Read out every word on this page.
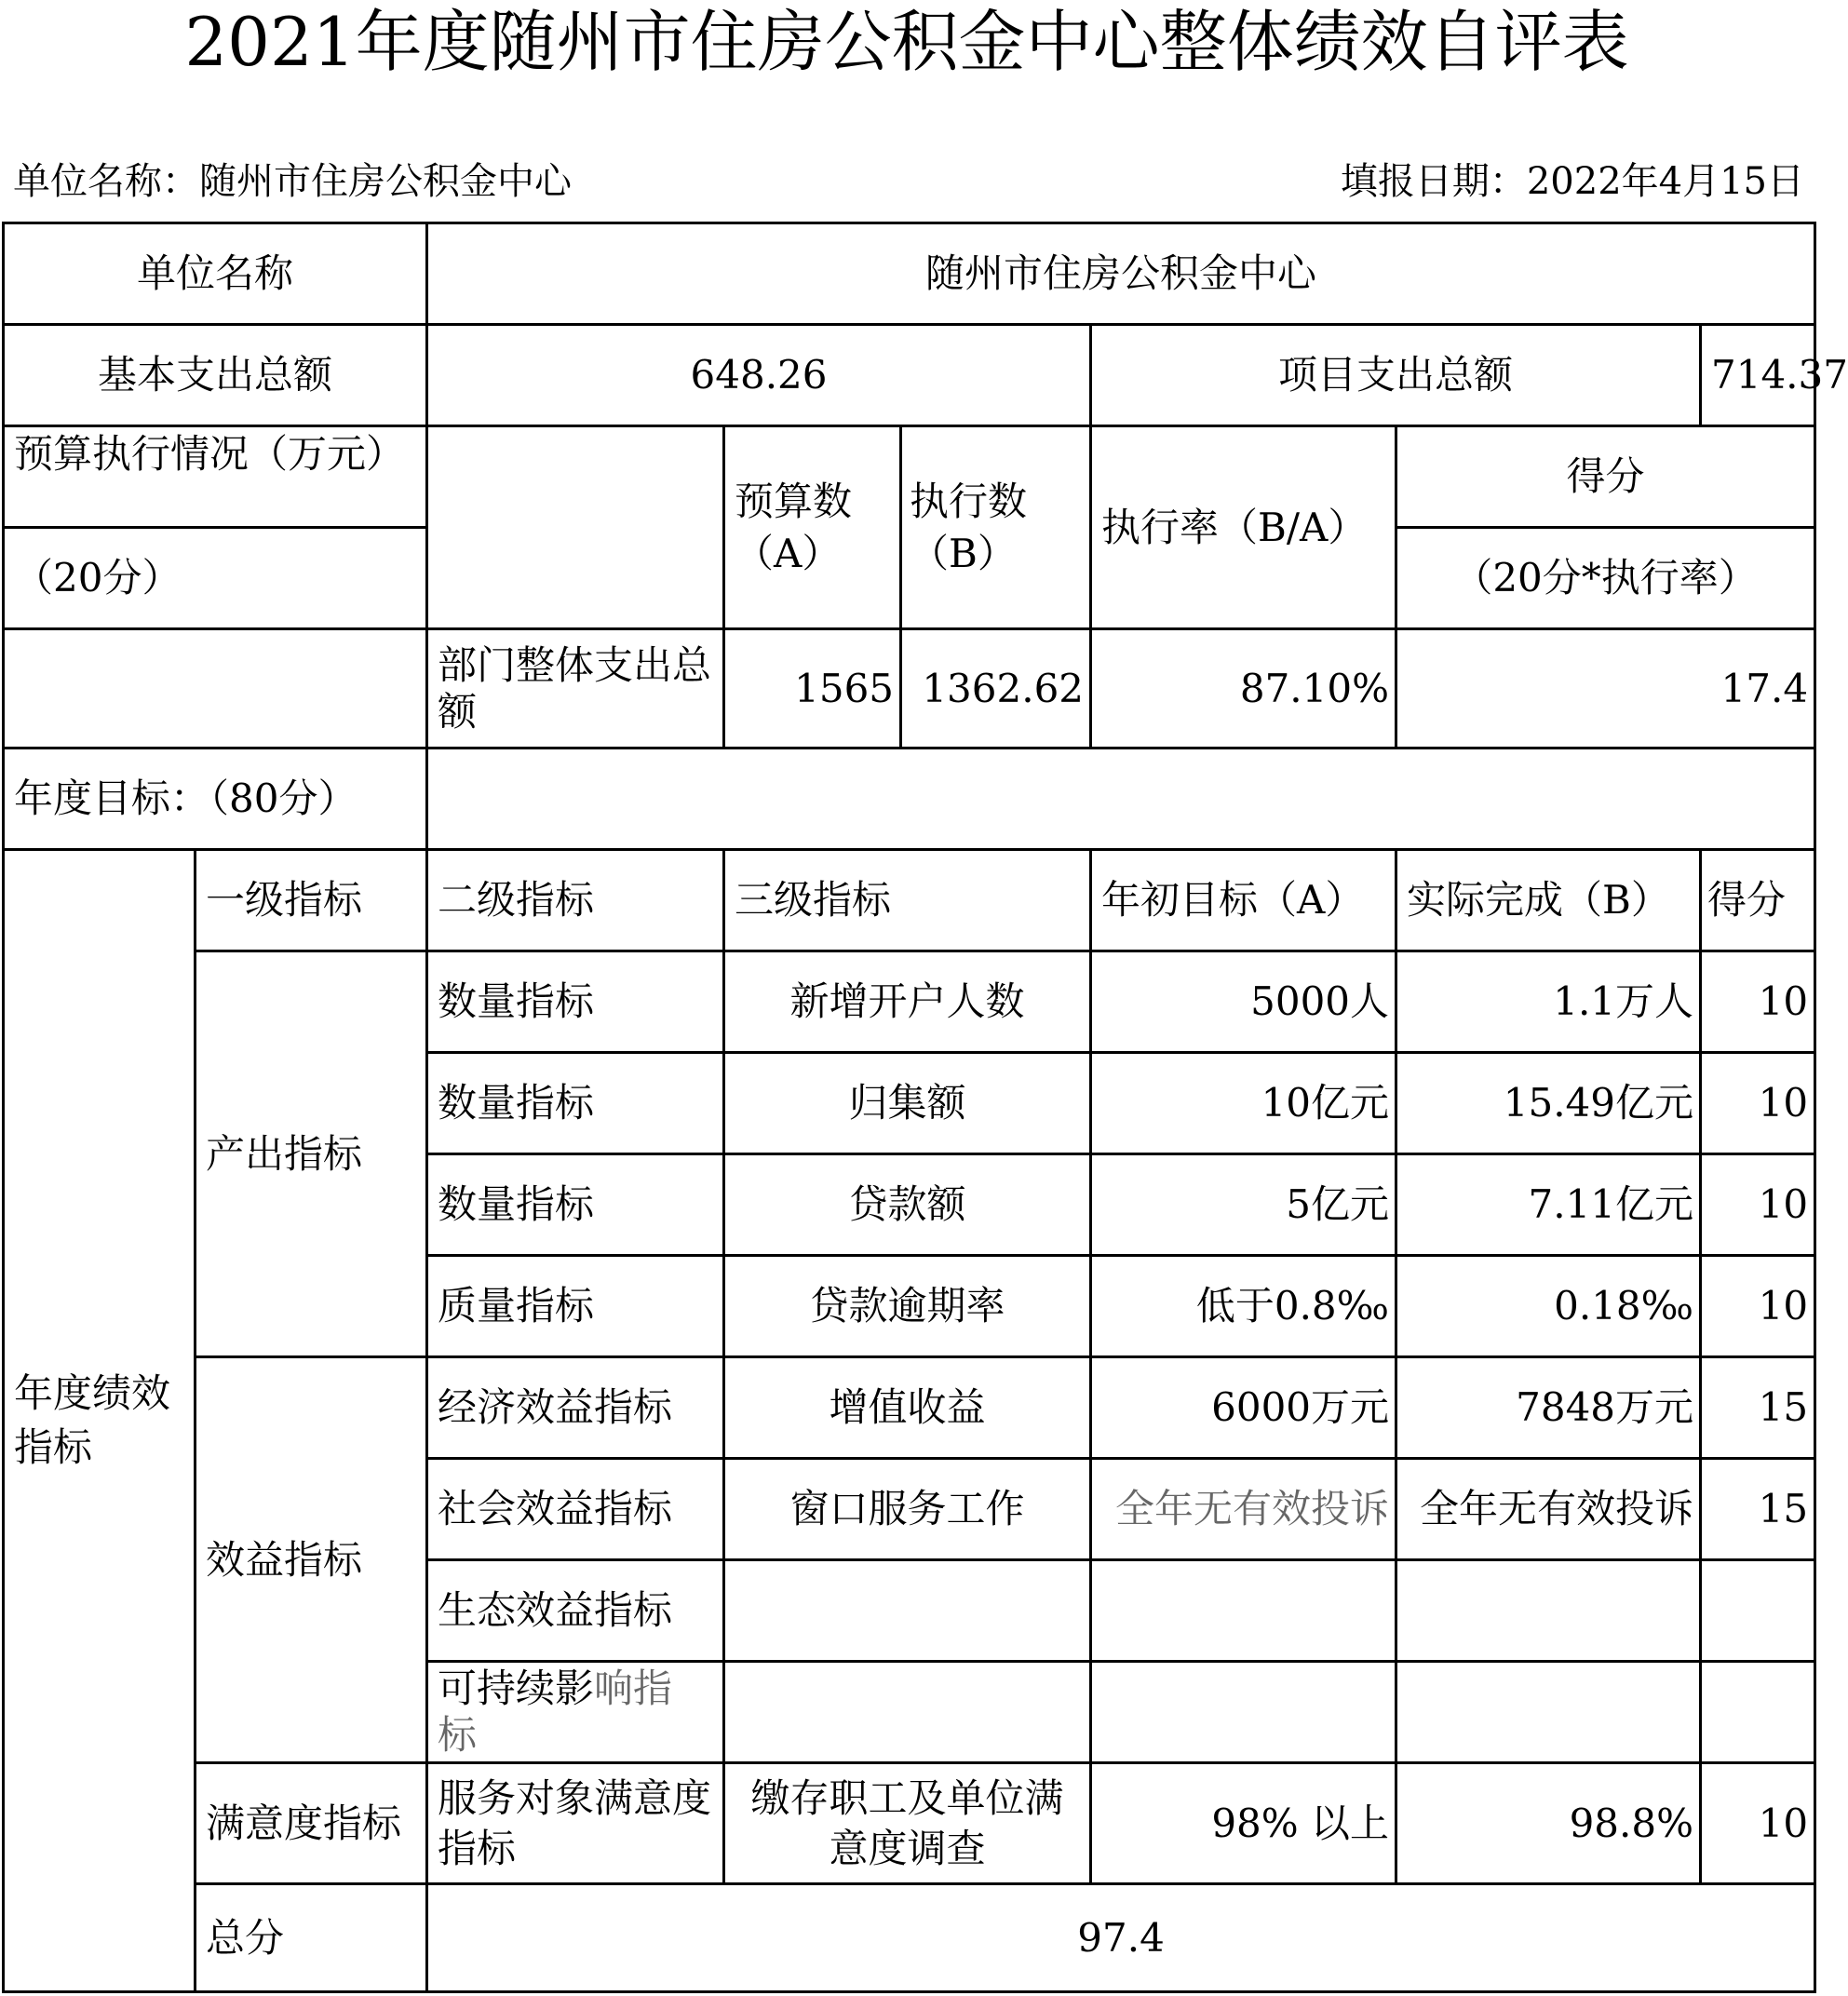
2021年度随州市住房公积金中心整体绩效自评表
单位名称：随州市住房公积金中心	填报日期：2022年4月15日
单位名称		随州市住房公积金中心					
基本支出总额		648.26			项目支出总额		714.37
预算执行情况（万元）			预算数（A）	执行数（B）	执行率（B/A）	得分	
（20分）						（20分*执行率）	
		部门整体支出总额	1565	1362.62	87.10%	17.4	
年度目标：（80分）							
年度绩效指标	一级指标	二级指标	三级指标		年初目标（A）	实际完成（B）	得分
	产出指标	数量指标	新增开户人数		5000人	1.1万人	10
		数量指标	归集额		10亿元	15.49亿元	10
		数量指标	贷款额		5亿元	7.11亿元	10
		质量指标	贷款逾期率		低于0.8‰	0.18‰	10
	效益指标	经济效益指标	增值收益		6000万元	7848万元	15
		社会效益指标	窗口服务工作		全年无有效投诉	全年无有效投诉	15
		生态效益指标					
		可持续影响指
标					
	满意度指标	服务对象满意度指标	缴存职工及单位满意度调查		98% 以上	98.8%	10
	总分	97.4					
